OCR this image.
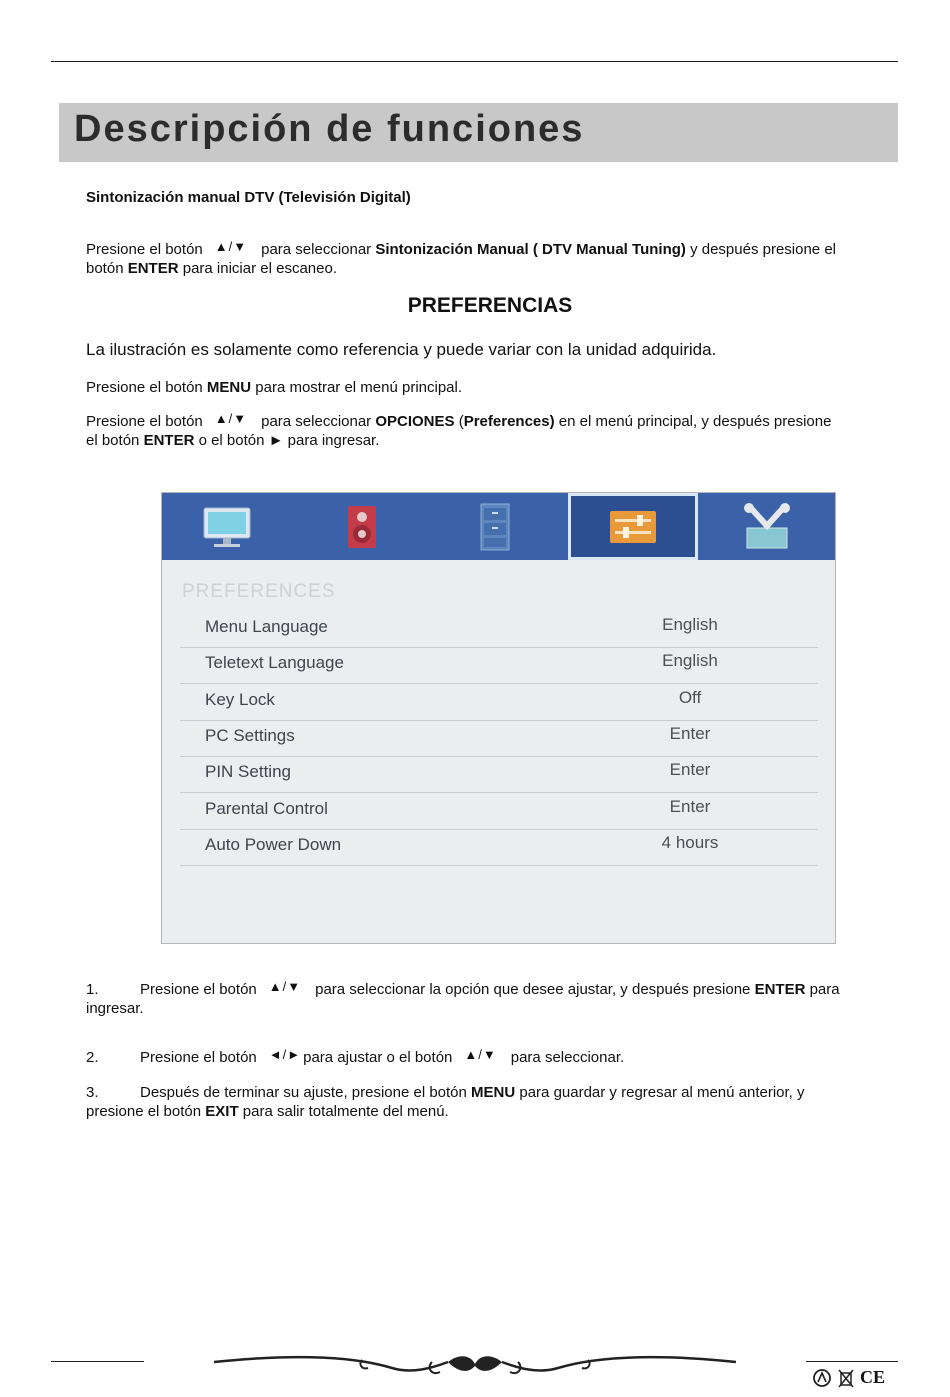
Descripción de funciones
Sintonización manual DTV (Televisión Digital)
Presione el botón ▲/▼ para seleccionar Sintonización Manual ( DTV Manual Tuning) y después presione el
botón ENTER para iniciar el escaneo.
PREFERENCIAS
La ilustración es solamente como referencia y puede variar con la unidad adquirida.
Presione el botón MENU para mostrar el menú principal.
Presione el botón ▲/▼ para seleccionar OPCIONES (Preferences) en el menú principal, y después presione
el botón ENTER o el botón ► para ingresar.
PREFERENCES
Menu Language	English
Teletext Language	English
Key Lock	Off
PC Settings	Enter
PIN Setting	Enter
Parental Control	Enter
Auto Power Down	4 hours
1.	Presione el botón ▲/▼ para seleccionar la opción que desee ajustar, y después presione ENTER para
ingresar.
2.	Presione el botón ◄/► para ajustar o el botón ▲/▼ para seleccionar.
3.	Después de terminar su ajuste, presione el botón MENU para guardar y regresar al menú anterior, y
presione el botón EXIT para salir totalmente del menú.
CE
